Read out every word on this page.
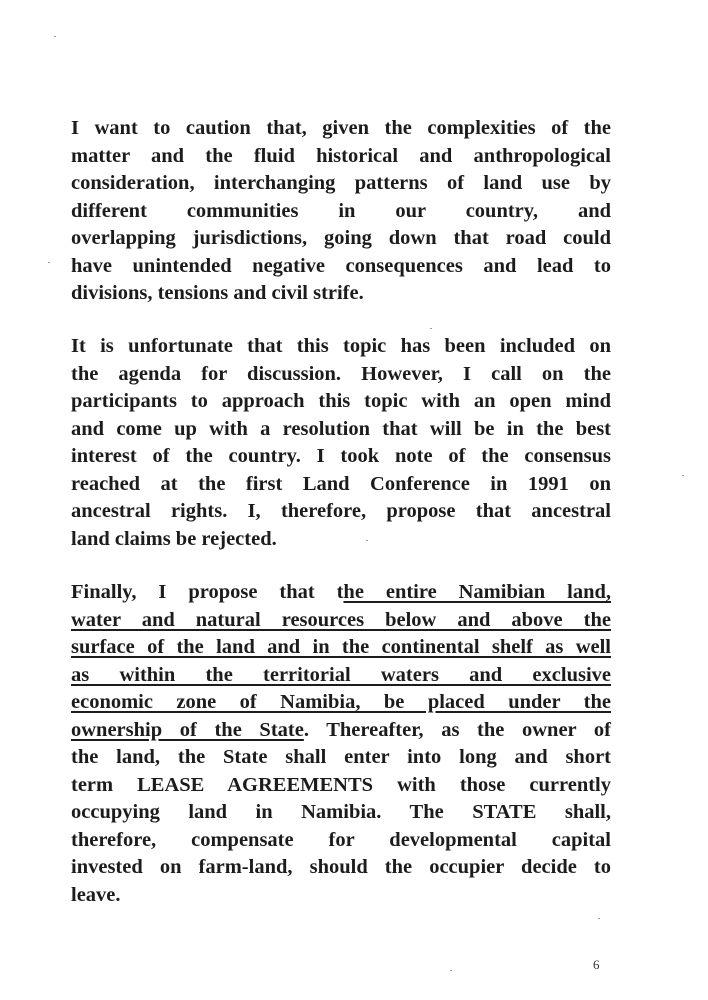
I want to caution that, given the complexities of the
matter and the fluid historical and anthropological
consideration, interchanging patterns of land use by
different communities in our country, and
overlapping jurisdictions, going down that road could
have unintended negative consequences and lead to
divisions, tensions and civil strife.
It is unfortunate that this topic has been included on
the agenda for discussion. However, I call on the
participants to approach this topic with an open mind
and come up with a resolution that will be in the best
interest of the country. I took note of the consensus
reached at the first Land Conference in 1991 on
ancestral rights. I, therefore, propose that ancestral
land claims be rejected.
Finally, I propose that the entire Namibian land,
water and natural resources below and above the
surface of the land and in the continental shelf as well
as within the territorial waters and exclusive
economic zone of Namibia, be placed under the
ownership of the State. Thereafter, as the owner of
the land, the State shall enter into long and short
term LEASE AGREEMENTS with those currently
occupying land in Namibia. The STATE shall,
therefore, compensate for developmental capital
invested on farm-land, should the occupier decide to
leave.
6
